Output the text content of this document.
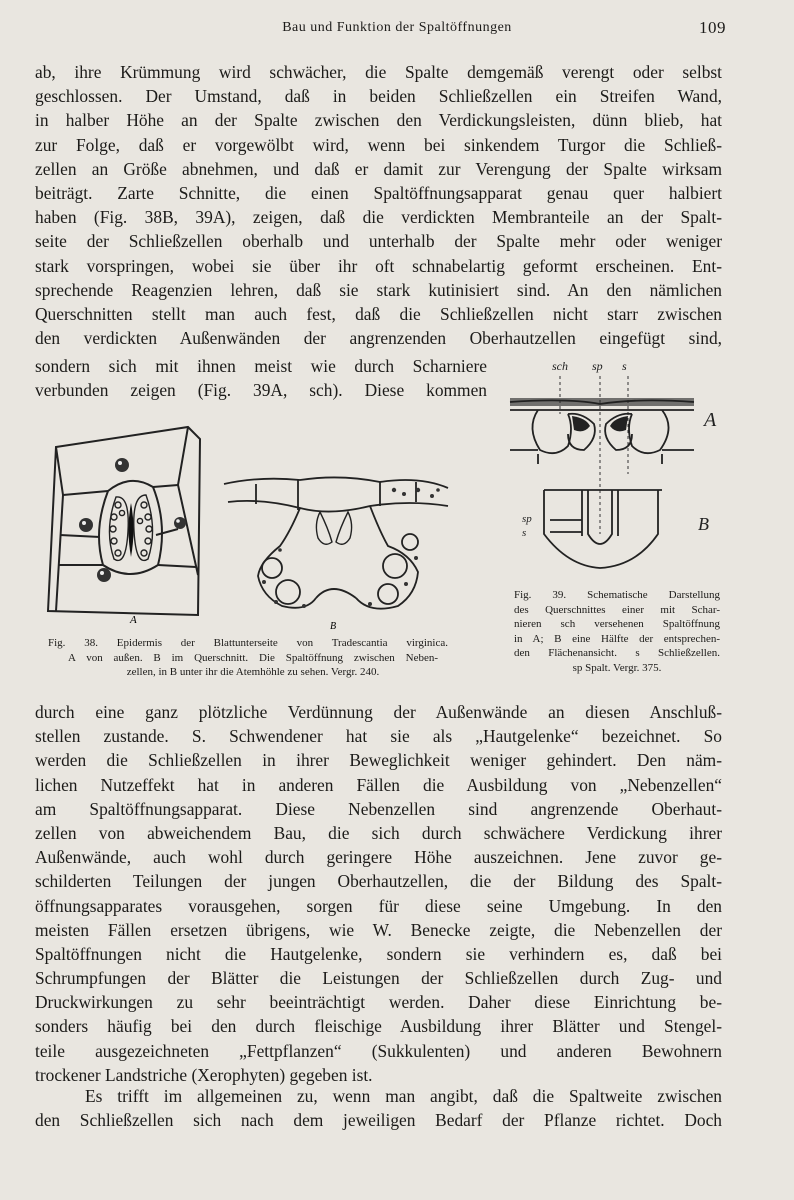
Bau und Funktion der Spaltöffnungen	109
ab, ihre Krümmung wird schwächer, die Spalte demgemäß verengt oder selbst
geschlossen. Der Umstand, daß in beiden Schließzellen ein Streifen Wand,
in halber Höhe an der Spalte zwischen den Verdickungsleisten, dünn blieb, hat
zur Folge, daß er vorgewölbt wird, wenn bei sinkendem Turgor die Schließ-
zellen an Größe abnehmen, und daß er damit zur Verengung der Spalte wirksam
beiträgt. Zarte Schnitte, die einen Spaltöffnungsapparat genau quer halbiert
haben (Fig. 38B, 39A), zeigen, daß die verdickten Membranteile an der Spalt-
seite der Schließzellen oberhalb und unterhalb der Spalte mehr oder weniger
stark vorspringen, wobei sie über ihr oft schnabelartig geformt erscheinen. Ent-
sprechende Reagenzien lehren, daß sie stark kutinisiert sind. An den nämlichen
Querschnitten stellt man auch fest, daß die Schließzellen nicht starr zwischen
den verdickten Außenwänden der angrenzenden Oberhautzellen eingefügt sind,
sondern sich mit ihnen meist wie durch Scharniere
verbunden zeigen (Fig. 39A, sch). Diese kommen
A
B
sch sp s
A
B
sp
s
Fig. 38. Epidermis der Blattunterseite von Tradescantia virginica.
A von außen. B im Querschnitt. Die Spaltöffnung zwischen Neben-
zellen, in B unter ihr die Atemhöhle zu sehen. Vergr. 240.
Fig. 39. Schematische Darstellung
des Querschnittes einer mit Schar-
nieren sch versehenen Spaltöffnung
in A; B eine Hälfte der entsprechen-
den Flächenansicht. s Schließzellen.
sp Spalt. Vergr. 375.
durch eine ganz plötzliche Verdünnung der Außenwände an diesen Anschluß-
stellen zustande. S. Schwendener hat sie als „Hautgelenke“ bezeichnet. So
werden die Schließzellen in ihrer Beweglichkeit weniger gehindert. Den näm-
lichen Nutzeffekt hat in anderen Fällen die Ausbildung von „Nebenzellen“
am Spaltöffnungsapparat. Diese Nebenzellen sind angrenzende Oberhaut-
zellen von abweichendem Bau, die sich durch schwächere Verdickung ihrer
Außenwände, auch wohl durch geringere Höhe auszeichnen. Jene zuvor ge-
schilderten Teilungen der jungen Oberhautzellen, die der Bildung des Spalt-
öffnungsapparates vorausgehen, sorgen für diese seine Umgebung. In den
meisten Fällen ersetzen übrigens, wie W. Benecke zeigte, die Nebenzellen der
Spaltöffnungen nicht die Hautgelenke, sondern sie verhindern es, daß bei
Schrumpfungen der Blätter die Leistungen der Schließzellen durch Zug- und
Druckwirkungen zu sehr beeinträchtigt werden. Daher diese Einrichtung be-
sonders häufig bei den durch fleischige Ausbildung ihrer Blätter und Stengel-
teile ausgezeichneten „Fettpflanzen“ (Sukkulenten) und anderen Bewohnern
trockener Landstriche (Xerophyten) gegeben ist.
Es trifft im allgemeinen zu, wenn man angibt, daß die Spaltweite zwischen
den Schließzellen sich nach dem jeweiligen Bedarf der Pflanze richtet. Doch
